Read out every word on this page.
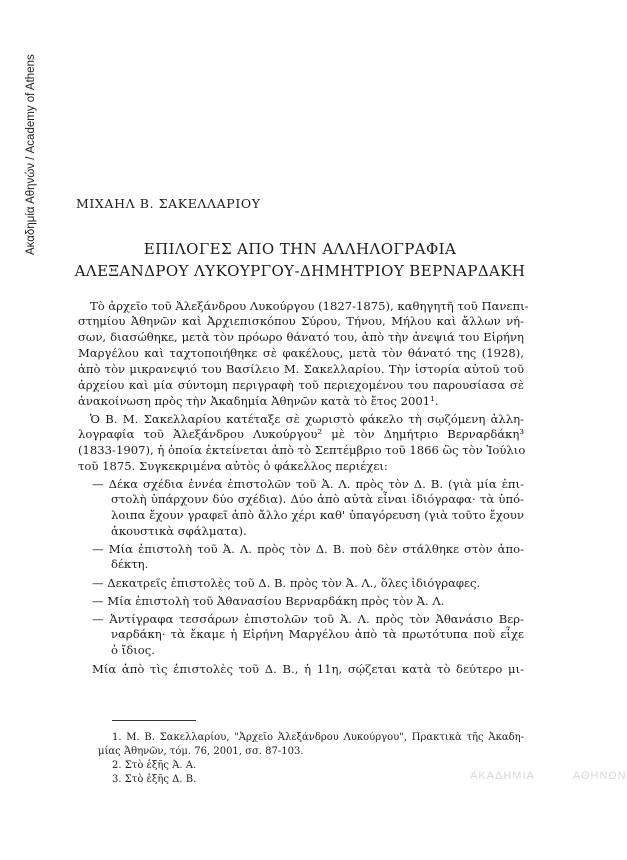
Ακαδημία Αθηνών / Academy of Athens	ΜΙΧΑΗΛ Β. ΣΑΚΕΛΛΑΡΙΟΥ
ΕΠΙΛΟΓΕΣ ΑΠΟ ΤΗΝ ΑΛΛΗΛΟΓΡΑΦΙΑ
ΑΛΕΞΑΝΔΡΟΥ ΛΥΚΟΥΡΓΟΥ-ΔΗΜΗΤΡΙΟΥ ΒΕΡΝΑΡΔΑΚΗ
Τὸ ἀρχεῖο τοῦ Ἀλεξάνδρου Λυκούργου (1827-1875), καθηγητῆ τοῦ Πανεπι-
στημίου Ἀθηνῶν καὶ Ἀρχιεπισκόπου Σύρου, Τήνου, Μήλου καὶ ἄλλων νή-
σων, διασώθηκε, μετὰ τὸν πρόωρο θάνατό του, ἀπὸ τὴν ἀνεψιά του Εἰρήνη
Μαργέλου καὶ ταχτοποιήθηκε σὲ φακέλους, μετὰ τὸν θάνατό της (1928),
ἀπὸ τὸν μικρανεψιό του Βασίλειο Μ. Σακελλαρίου. Τὴν ἱστορία αὐτοῦ τοῦ
ἀρχείου καὶ μία σύντομη περιγραφὴ τοῦ περιεχομένου του παρουσίασα σὲ
ἀνακοίνωση πρὸς τὴν Ἀκαδημία Ἀθηνῶν κατὰ τὸ ἔτος 2001¹.
Ὁ Β. Μ. Σακελλαρίου κατέταξε σὲ χωριστὸ φάκελο τὴ σῳζόμενη ἀλλη-
λογραφία τοῦ Ἀλεξάνδρου Λυκούργου² μὲ τὸν Δημήτριο Βερναρδάκη³
(1833-1907), ἡ ὁποία ἐκτείνεται ἀπὸ τὸ Σεπτέμβριο τοῦ 1866 ὣς τὸν Ἰούλιο
τοῦ 1875. Συγκεκριμένα αὐτὸς ὁ φάκελλος περιέχει:
— Δέκα σχέδια ἐννέα ἐπιστολῶν τοῦ Ἀ. Λ. πρὸς τὸν Δ. Β. (γιὰ μία ἐπι-
στολὴ ὑπάρχουν δύο σχέδια). Δύο ἀπὸ αὐτὰ εἶναι ἰδιόγραφα· τὰ ὑπό-
λοιπα ἔχουν γραφεῖ ἀπὸ ἄλλο χέρι καθ' ὑπαγόρευση (γιὰ τοῦτο ἔχουν
ἀκουστικὰ σφάλματα).
— Μία ἐπιστολὴ τοῦ Ἀ. Λ. πρὸς τὸν Δ. Β. ποὺ δὲν στάλθηκε στὸν ἀπο-
δέκτη.
— Δεκατρεῖς ἐπιστολὲς τοῦ Δ. Β. πρὸς τὸν Ἀ. Λ., ὅλες ἰδιόγραφες.
— Μία ἐπιστολὴ τοῦ Ἀθανασίου Βερναρδάκη πρὸς τὸν Ἀ. Λ.
— Ἀντίγραφα τεσσάρων ἐπιστολῶν τοῦ Ἀ. Λ. πρὸς τὸν Ἀθανάσιο Βερ-
ναρδάκη· τὰ ἔκαμε ἡ Εἰρήνη Μαργέλου ἀπὸ τὰ πρωτότυπα ποὺ εἶχε
ὁ ἴδιος.
Μία ἀπὸ τὶς ἐπιστολὲς τοῦ Δ. Β., ἡ 11η, σῴζεται κατὰ τὸ δεύτερο μι-
1. Μ. Β. Σακελλαρίου, "Ἀρχεῖο Ἀλεξάνδρου Λυκούργου", Πρακτικὰ τῆς Ἀκαδη-
μίας Ἀθηνῶν, τόμ. 76, 2001, σσ. 87-103.
2. Στὸ ἑξῆς Ἀ. Α.
3. Στὸ ἑξῆς Δ. Β.	ΑΚΑΔΗΜΙΑ	ΑΘΗΝΩΝ
